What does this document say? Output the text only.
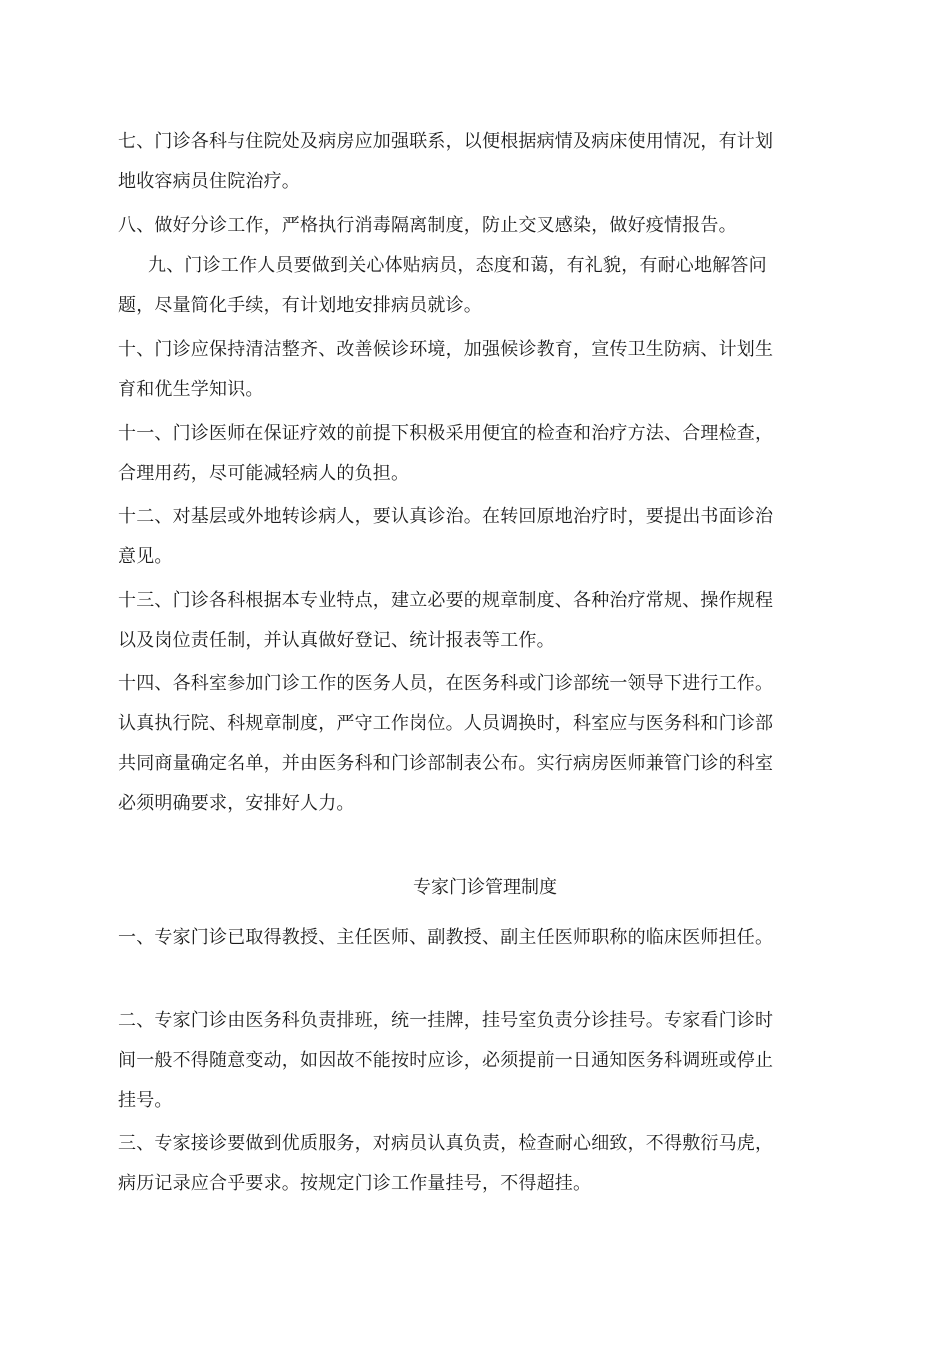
七、门诊各科与住院处及病房应加强联系，以便根据病情及病床使用情况，有计划地收容病员住院治疗。

八、做好分诊工作，严格执行消毒隔离制度，防止交叉感染，做好疫情报告。

九、门诊工作人员要做到关心体贴病员，态度和蔼，有礼貌，有耐心地解答问题，尽量简化手续，有计划地安排病员就诊。

十、门诊应保持清洁整齐、改善候诊环境，加强候诊教育，宣传卫生防病、计划生育和优生学知识。

十一、门诊医师在保证疗效的前提下积极采用便宜的检查和治疗方法、合理检查，合理用药，尽可能减轻病人的负担。

十二、对基层或外地转诊病人，要认真诊治。在转回原地治疗时，要提出书面诊治意见。

十三、门诊各科根据本专业特点，建立必要的规章制度、各种治疗常规、操作规程以及岗位责任制，并认真做好登记、统计报表等工作。

十四、各科室参加门诊工作的医务人员，在医务科或门诊部统一领导下进行工作。认真执行院、科规章制度，严守工作岗位。人员调换时，科室应与医务科和门诊部共同商量确定名单，并由医务科和门诊部制表公布。实行病房医师兼管门诊的科室必须明确要求，安排好人力。

专家门诊管理制度

一、专家门诊已取得教授、主任医师、副教授、副主任医师职称的临床医师担任。

二、专家门诊由医务科负责排班，统一挂牌，挂号室负责分诊挂号。专家看门诊时间一般不得随意变动，如因故不能按时应诊，必须提前一日通知医务科调班或停止挂号。

三、专家接诊要做到优质服务，对病员认真负责，检查耐心细致，不得敷衍马虎，病历记录应合乎要求。按规定门诊工作量挂号，不得超挂。
